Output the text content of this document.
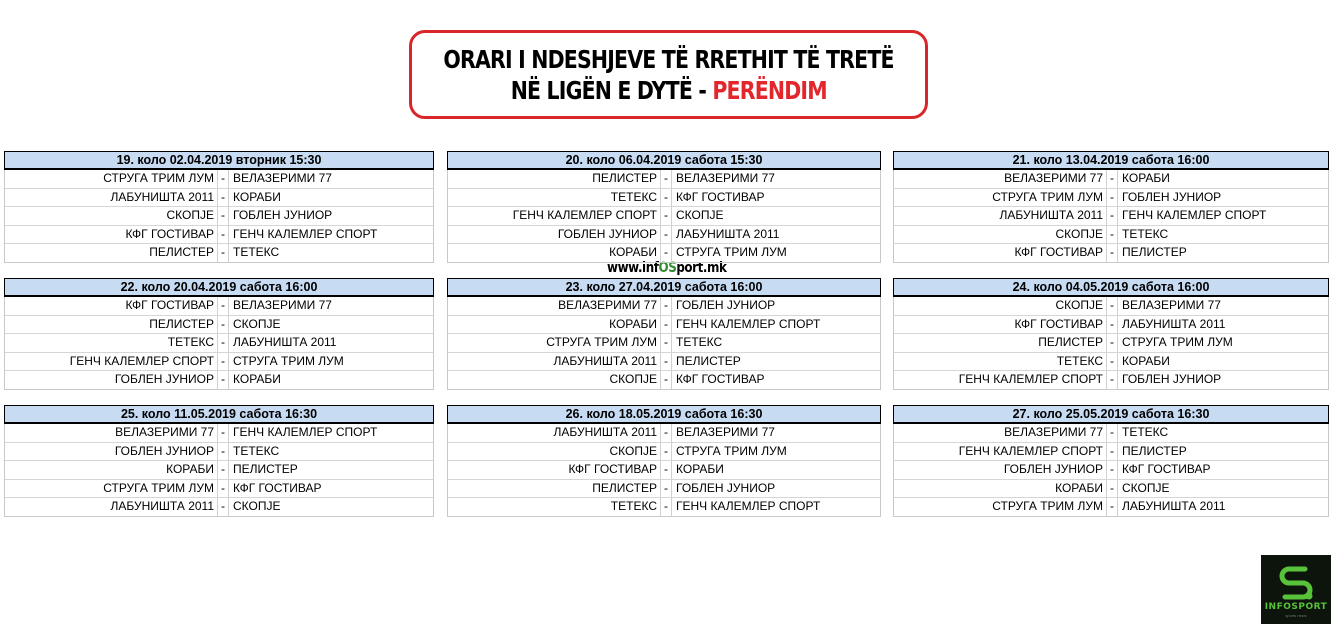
ORARI I NDESHJEVE TË RRETHIT TË TRETË
NË LIGËN E DYTË - PERËNDIM
www.infOSport.mk
19. коло 02.04.2019 вторник 15:30
СТРУГА ТРИМ ЛУМ - ВЕЛАЗЕРИМИ 77
ЛАБУНИШТА 2011 - КОРАБИ
СКОПЈЕ - ГОБЛЕН ЈУНИОР
КФГ ГОСТИВАР - ГЕНЧ КАЛЕМЛЕР СПОРТ
ПЕЛИСТЕР - ТЕТЕКС
20. коло 06.04.2019 сабота 15:30
ПЕЛИСТЕР - ВЕЛАЗЕРИМИ 77
ТЕТЕКС - КФГ ГОСТИВАР
ГЕНЧ КАЛЕМЛЕР СПОРТ - СКОПЈЕ
ГОБЛЕН ЈУНИОР - ЛАБУНИШТА 2011
КОРАБИ - СТРУГА ТРИМ ЛУМ
21. коло 13.04.2019 сабота 16:00
ВЕЛАЗЕРИМИ 77 - КОРАБИ
СТРУГА ТРИМ ЛУМ - ГОБЛЕН ЈУНИОР
ЛАБУНИШТА 2011 - ГЕНЧ КАЛЕМЛЕР СПОРТ
СКОПЈЕ - ТЕТЕКС
КФГ ГОСТИВАР - ПЕЛИСТЕР
22. коло 20.04.2019 сабота 16:00
КФГ ГОСТИВАР - ВЕЛАЗЕРИМИ 77
ПЕЛИСТЕР - СКОПЈЕ
ТЕТЕКС - ЛАБУНИШТА 2011
ГЕНЧ КАЛЕМЛЕР СПОРТ - СТРУГА ТРИМ ЛУМ
ГОБЛЕН ЈУНИОР - КОРАБИ
23. коло 27.04.2019 сабота 16:00
ВЕЛАЗЕРИМИ 77 - ГОБЛЕН ЈУНИОР
КОРАБИ - ГЕНЧ КАЛЕМЛЕР СПОРТ
СТРУГА ТРИМ ЛУМ - ТЕТЕКС
ЛАБУНИШТА 2011 - ПЕЛИСТЕР
СКОПЈЕ - КФГ ГОСТИВАР
24. коло 04.05.2019 сабота 16:00
СКОПЈЕ - ВЕЛАЗЕРИМИ 77
КФГ ГОСТИВАР - ЛАБУНИШТА 2011
ПЕЛИСТЕР - СТРУГА ТРИМ ЛУМ
ТЕТЕКС - КОРАБИ
ГЕНЧ КАЛЕМЛЕР СПОРТ - ГОБЛЕН ЈУНИОР
25. коло 11.05.2019 сабота 16:30
ВЕЛАЗЕРИМИ 77 - ГЕНЧ КАЛЕМЛЕР СПОРТ
ГОБЛЕН ЈУНИОР - ТЕТЕКС
КОРАБИ - ПЕЛИСТЕР
СТРУГА ТРИМ ЛУМ - КФГ ГОСТИВАР
ЛАБУНИШТА 2011 - СКОПЈЕ
26. коло 18.05.2019 сабота 16:30
ЛАБУНИШТА 2011 - ВЕЛАЗЕРИМИ 77
СКОПЈЕ - СТРУГА ТРИМ ЛУМ
КФГ ГОСТИВАР - КОРАБИ
ПЕЛИСТЕР - ГОБЛЕН ЈУНИОР
ТЕТЕКС - ГЕНЧ КАЛЕМЛЕР СПОРТ
27. коло 25.05.2019 сабота 16:30
ВЕЛАЗЕРИМИ 77 - ТЕТЕКС
ГЕНЧ КАЛЕМЛЕР СПОРТ - ПЕЛИСТЕР
ГОБЛЕН ЈУНИОР - КФГ ГОСТИВАР
КОРАБИ - СКОПЈЕ
СТРУГА ТРИМ ЛУМ - ЛАБУНИШТА 2011
INFOSPORT
sports news
